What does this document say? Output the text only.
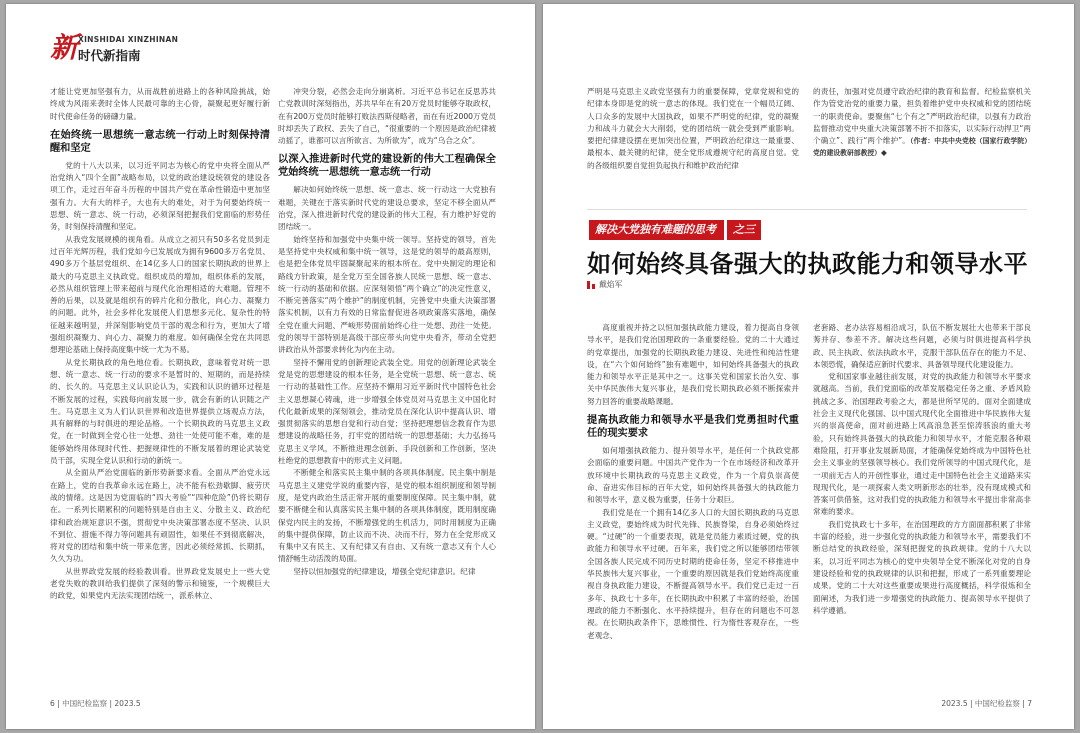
新 XINSHIDAI XINZHINAN
时代新指南

才能让党更加坚强有力，从而战胜前进路上的各种风险挑战，始终成为风雨来袭时全体人民最可靠的主心骨，凝聚起更好履行新时代使命任务的磅礴力量。

在始终统一思想统一意志统一行动上时刻保持清醒和坚定

党的十八大以来，以习近平同志为核心的党中央将全面从严治党纳入“四个全面”战略布局，以党的政治建设统领党的建设各项工作，走过百年奋斗历程的中国共产党在革命性锻造中更加坚强有力。大有大的样子，大也有大的难处，对于为何要始终统一思想、统一意志、统一行动，必须深刻把握我们党面临的形势任务，时刻保持清醒和坚定。

从我党发展规模的视角看。从成立之初只有50多名党员到走过百年光辉历程，我们党如今已发展成为拥有9600多万名党员、490多万个基层党组织、在14亿多人口的国家长期执政的世界上最大的马克思主义执政党。组织成员的增加，组织体系的发展，必然从组织管理上带来超前与现代化治理相适的大难题。管理不善的后果，以及就是组织有的碎片化和分散化，向心力、凝聚力的问题。此外，社会多样化发展使人们思想多元化、复杂性的特征越来越明显，并深刻影响党员干部的观念和行为，更加大了增强组织凝聚力、向心力、凝聚力的难度。如何确保全党在共同思想理论基础上保持高度集中统一尤为不易。

从党长期执政的角色地位看。长期执政，意味着党对统一思想、统一意志、统一行动的要求不是暂时的、短期的，而是持续的、长久的。马克思主义认识论认为，实践和认识的循环过程是不断发展的过程，实践每向前发展一步，就会有新的认识随之产生。马克思主义为人们认识世界和改造世界提供立场观点方法，具有解释的与时俱进的理论品格。一个长期执政的马克思主义政党，在一时做到全党心往一处想、劲往一处使可能不难，难的是能够始终用体现时代性、把握规律性的不断发展着的理论武装党员干部，实现全党认识和行动的新统一。

从全面从严治党面临的新形势新要求看。全面从严治党永远在路上，党的自我革命永远在路上，决不能有松劲歇脚、疲劳厌战的情绪。这是因为党面临的“四大考验”“四种危险”仍将长期存在。一系列长期累积的问题特别是自由主义、分散主义、政治纪律和政治规矩意识不强，贯彻党中央决策部署态度不坚决、认识不到位、措施不得力等问题具有顽固性，如果任不到彻底解决，将对党的团结和集中统一带来危害，因此必须经常抓、长期抓，久久为功。

从世界政党发展的经验教训看。世界政党发展史上一些大党老党失败的教训给我们提供了深刻的警示和镜鉴，一个规模巨大的政党，如果党内无法实现团结统一，派系林立、

冲突分裂，必然会走向分崩离析。习近平总书记在反思苏共亡党教训时深刻指出，苏共早年在有20万党员时能够夺取政权，在有200万党员时能够打败法西斯侵略者，而在有近2000万党员时却丢失了政权、丢失了自己，“很重要的一个原因是政治纪律被动摇了，谁都可以言所欲言、为所欲为”，成为“乌合之众”。

以深入推进新时代党的建设新的伟大工程确保全党始终统一思想统一意志统一行动

解决如何始终统一思想、统一意志、统一行动这一大党独有难题，关键在于落实新时代党的建设总要求，坚定不移全面从严治党，深入推进新时代党的建设新的伟大工程，有力维护好党的团结统一。

始终坚持和加强党中央集中统一领导。坚持党的领导，首先是坚持党中央权威和集中统一领导，这是党的领导的最高原则，也是把全体党员牢固凝聚起来的根本所在。党中央制定的理论和路线方针政策，是全党万至全国各族人民统一思想、统一意志、统一行动的基础和依据。应深刻领悟“两个确立”的决定性意义，不断完善落实“两个维护”的制度机制，完善党中央重大决策部署落实机制，以有力有效的日常监督促进各项政策落实落地，确保全党在重大问题、严峻形势面前始终心往一处想、劲往一处使。党的领导干部特别是高级干部应带头向党中央看齐，带动全党把讲政治从外部要求转化为内在主动。

坚持不懈用党的创新理论武装全党。用党的创新理论武装全党是党的思想建设的根本任务，是全党统一思想、统一意志、统一行动的基础性工作。应坚持不懈用习近平新时代中国特色社会主义思想凝心铸魂，进一步增强全体党员对马克思主义中国化时代化最新成果的深刻领会，推动党员在深化认识中提高认识、增强贯彻落实的思想自觉和行动自觉；坚持把理想信念教育作为思想建设的战略任务，打牢党的团结统一的思想基础；大力弘扬马克思主义学风，不断推进理念创新、手段创新和工作创新，坚决杜绝党的思想教育中的形式主义问题。

不断健全和落实民主集中制的各项具体制度。民主集中制是马克思主义建党学说的重要内容，是党的根本组织制度和领导制度，是党内政治生活正常开展的重要制度保障。民主集中制，就要不断健全和认真落实民主集中制的各项具体制度，既用制度确保党内民主的发扬，不断增强党的生机活力，同时用制度为正确的集中提供保障，防止议而不决、决而不行，努力在全党形成又有集中又有民主、又有纪律又有自由、又有统一意志又有个人心情舒畅生动活泼的局面。

坚持以恒加强党的纪律建设，增强全党纪律意识。纪律

6 | 中国纪检监察 | 2023.5

严明是马克思主义政党坚强有力的重要保障，党章党规和党的纪律本身即是党的统一意志的体现。我们党在一个幅员辽阔、人口众多的发展中大国执政，如果不严明党的纪律，党的凝聚力和战斗力就会大大削弱，党的团结统一就会受到严重影响。要把纪律建设摆在更加突出位置，严明政治纪律这一最重要、最根本、最关键的纪律，使全党形成遵规守纪的高度自觉。党的各级组织要自觉担负起执行和维护政治纪律

的责任，加强对党员遵守政治纪律的教育和监督。纪检监察机关作为管党治党的重要力量，担负着维护党中央权威和党的团结统一的职责使命。要聚焦“七个有之”严明政治纪律，以强有力政治监督推动党中央重大决策部署不折不扣落实，以实际行动捍卫“两个确立”、践行“两个维护”。（作者：中共中央党校（国家行政学院）党的建设教研部教授）◆

解决大党独有难题的思考	之三
如何始终具备强大的执政能力和领导水平
戴焰军

高度重视并持之以恒加强执政能力建设，着力提高自身领导水平，是我们党治国理政的一条重要经验。党的二十大通过的党章提出，加强党的长期执政能力建设、先进性和纯洁性建设，在“六个如何始终”独有难题中，如何始终具备强大的执政能力和领导水平正是其中之一。这事关党和国家长治久安、事关中华民族伟大复兴事业，是我们党长期执政必须不断探索并努力回答的重要战略课题。

提高执政能力和领导水平是我们党勇担时代重任的现实要求

如何增强执政能力、提升领导水平，是任何一个执政党都会面临的重要问题。中国共产党作为一个在市场经济和改革开放环境中长期执政的马克思主义政党，作为一个肩负崇高使命、奋进实伟目标的百年大党，如何始终具备强大的执政能力和领导水平，意义极为重要，任务十分艰巨。

我们党是在一个拥有14亿多人口的大国长期执政的马克思主义政党，要始终成为时代先锋、民族脊梁，自身必须始终过硬。“过硬”的一个重要表现，就是党员能力素质过硬，党的执政能力和领导水平过硬。百年来，我们党之所以能够团结带领全国各族人民完成不同历史时期的使命任务，坚定不移推进中华民族伟大复兴事业，一个重要的原因就是我们党始终高度重视自身执政能力建设，不断提高领导水平。我们党已走过一百多年、执政七十多年，在长期执政中积累了丰富的经验，治国理政的能力不断强化、水平持续提升，但存在的问题也不可忽视。在长期执政条件下，思维惯性、行为惰性客观存在，一些老观念、

老套路、老办法容易相沿成习，队伍不断发展壮大也带来干部良莠并存、参差不齐。解决这些问题，必须与时俱进提高科学执政、民主执政、依法执政水平，克服干部队伍存在的能力不足、本领恐慌，确保适应新时代要求、具备领导现代化建设能力。

党和国家事业越往前发展，对党的执政能力和领导水平要求就越高。当前，我们党面临的改革发展稳定任务之重、矛盾风险挑战之多、治国理政考验之大，都是世所罕见的。面对全面建成社会主义现代化强国、以中国式现代化全面推进中华民族伟大复兴的崇高使命，面对前进路上风高浪急甚至惊涛骇浪的重大考验，只有始终具备强大的执政能力和领导水平，才能克服各种艰难险阻，打开事业发展新局面，才能确保党始终成为中国特色社会主义事业的坚强领导核心。我们党所领导的中国式现代化，是一项前无古人的开创性事业，通过走中国特色社会主义道路来实现现代化，是一项探索人类文明新形态的壮举，没有现成模式和答案可供借鉴，这对我们党的执政能力和领导水平提出非常高非常难的要求。

我们党执政七十多年，在治国理政的方方面面都积累了非常丰富的经验，进一步强化党的执政能力和领导水平，需要我们不断总结党的执政经验，深刻把握党的执政规律。党的十八大以来，以习近平同志为核心的党中央领导全党不断深化对党的自身建设经验和党的执政规律的认识和把握，形成了一系列重要理论成果。党的二十大对这些重要成果进行高度概括，科学很炼和全面阐述，为我们进一步增强党的执政能力、提高领导水平提供了科学遵循。

2023.5 | 中国纪检监察 | 7
